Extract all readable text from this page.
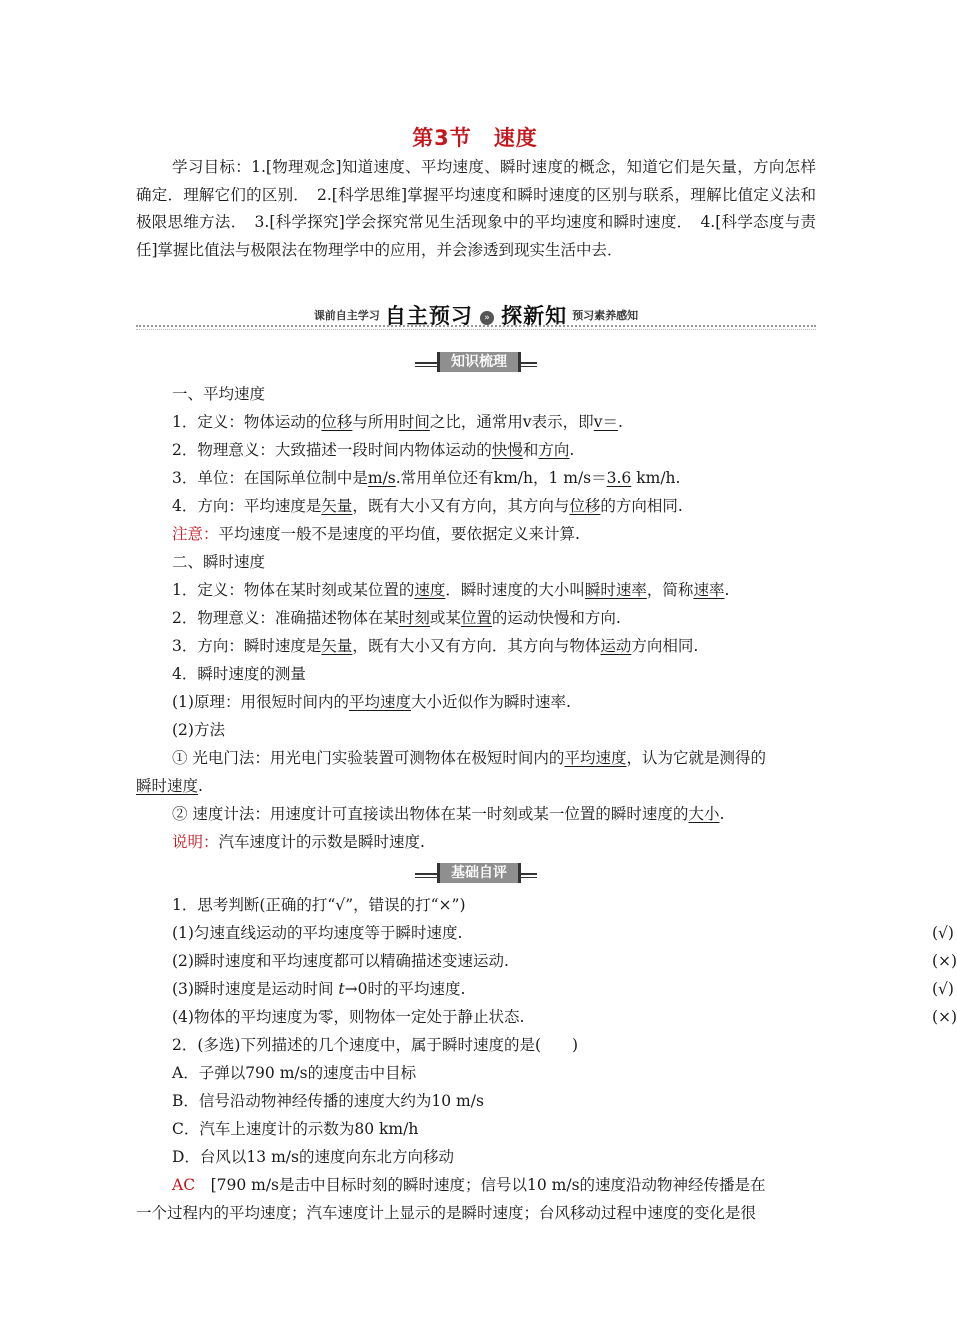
第3节　速度

学习目标：1.[物理观念]知道速度、平均速度、瞬时速度的概念，知道它们是矢量，方向怎样确定．理解它们的区别．　2.[科学思维]掌握平均速度和瞬时速度的区别与联系，理解比值定义法和极限思维方法．　3.[科学探究]学会探究常见生活现象中的平均速度和瞬时速度．　4.[科学态度与责任]掌握比值法与极限法在物理学中的应用，并会渗透到现实生活中去．

$^{课前自主学习}$ 自主预习 » 探新知 $^{预习素养感知}$
知识梳理
一、平均速度
1．定义：物体运动的位移与所用时间之比，通常用v表示，即v＝.
2．物理意义：大致描述一段时间内物体运动的快慢和方向.
3．单位：在国际单位制中是m/s.常用单位还有km/h，1 m/s＝3.6 km/h.
4．方向：平均速度是矢量，既有大小又有方向，其方向与位移的方向相同.
注意：平均速度一般不是速度的平均值，要依据定义来计算.
二、瞬时速度
1．定义：物体在某时刻或某位置的速度．瞬时速度的大小叫瞬时速率，简称速率.
2．物理意义：准确描述物体在某时刻或某位置的运动快慢和方向.
3．方向：瞬时速度是矢量，既有大小又有方向．其方向与物体运动方向相同.
4．瞬时速度的测量
(1)原理：用很短时间内的平均速度大小近似作为瞬时速率.
(2)方法
① 光电门法：用光电门实验装置可测物体在极短时间内的平均速度，认为它就是测得的
瞬时速度.
② 速度计法：用速度计可直接读出物体在某一时刻或某一位置的瞬时速度的大小.
说明：汽车速度计的示数是瞬时速度.
基础自评
1．思考判断(正确的打“√”，错误的打“×”)
(1)匀速直线运动的平均速度等于瞬时速度.	(√)
(2)瞬时速度和平均速度都可以精确描述变速运动.	(×)
(3)瞬时速度是运动时间 t→0时的平均速度.	(√)
(4)物体的平均速度为零，则物体一定处于静止状态.	(×)
2．(多选)下列描述的几个速度中，属于瞬时速度的是(　　)
A．子弹以790 m/s的速度击中目标
B．信号沿动物神经传播的速度大约为10 m/s
C．汽车上速度计的示数为80 km/h
D．台风以13 m/s的速度向东北方向移动
AC　[790 m/s是击中目标时刻的瞬时速度；信号以10 m/s的速度沿动物神经传播是在
一个过程内的平均速度；汽车速度计上显示的是瞬时速度；台风移动过程中速度的变化是很
